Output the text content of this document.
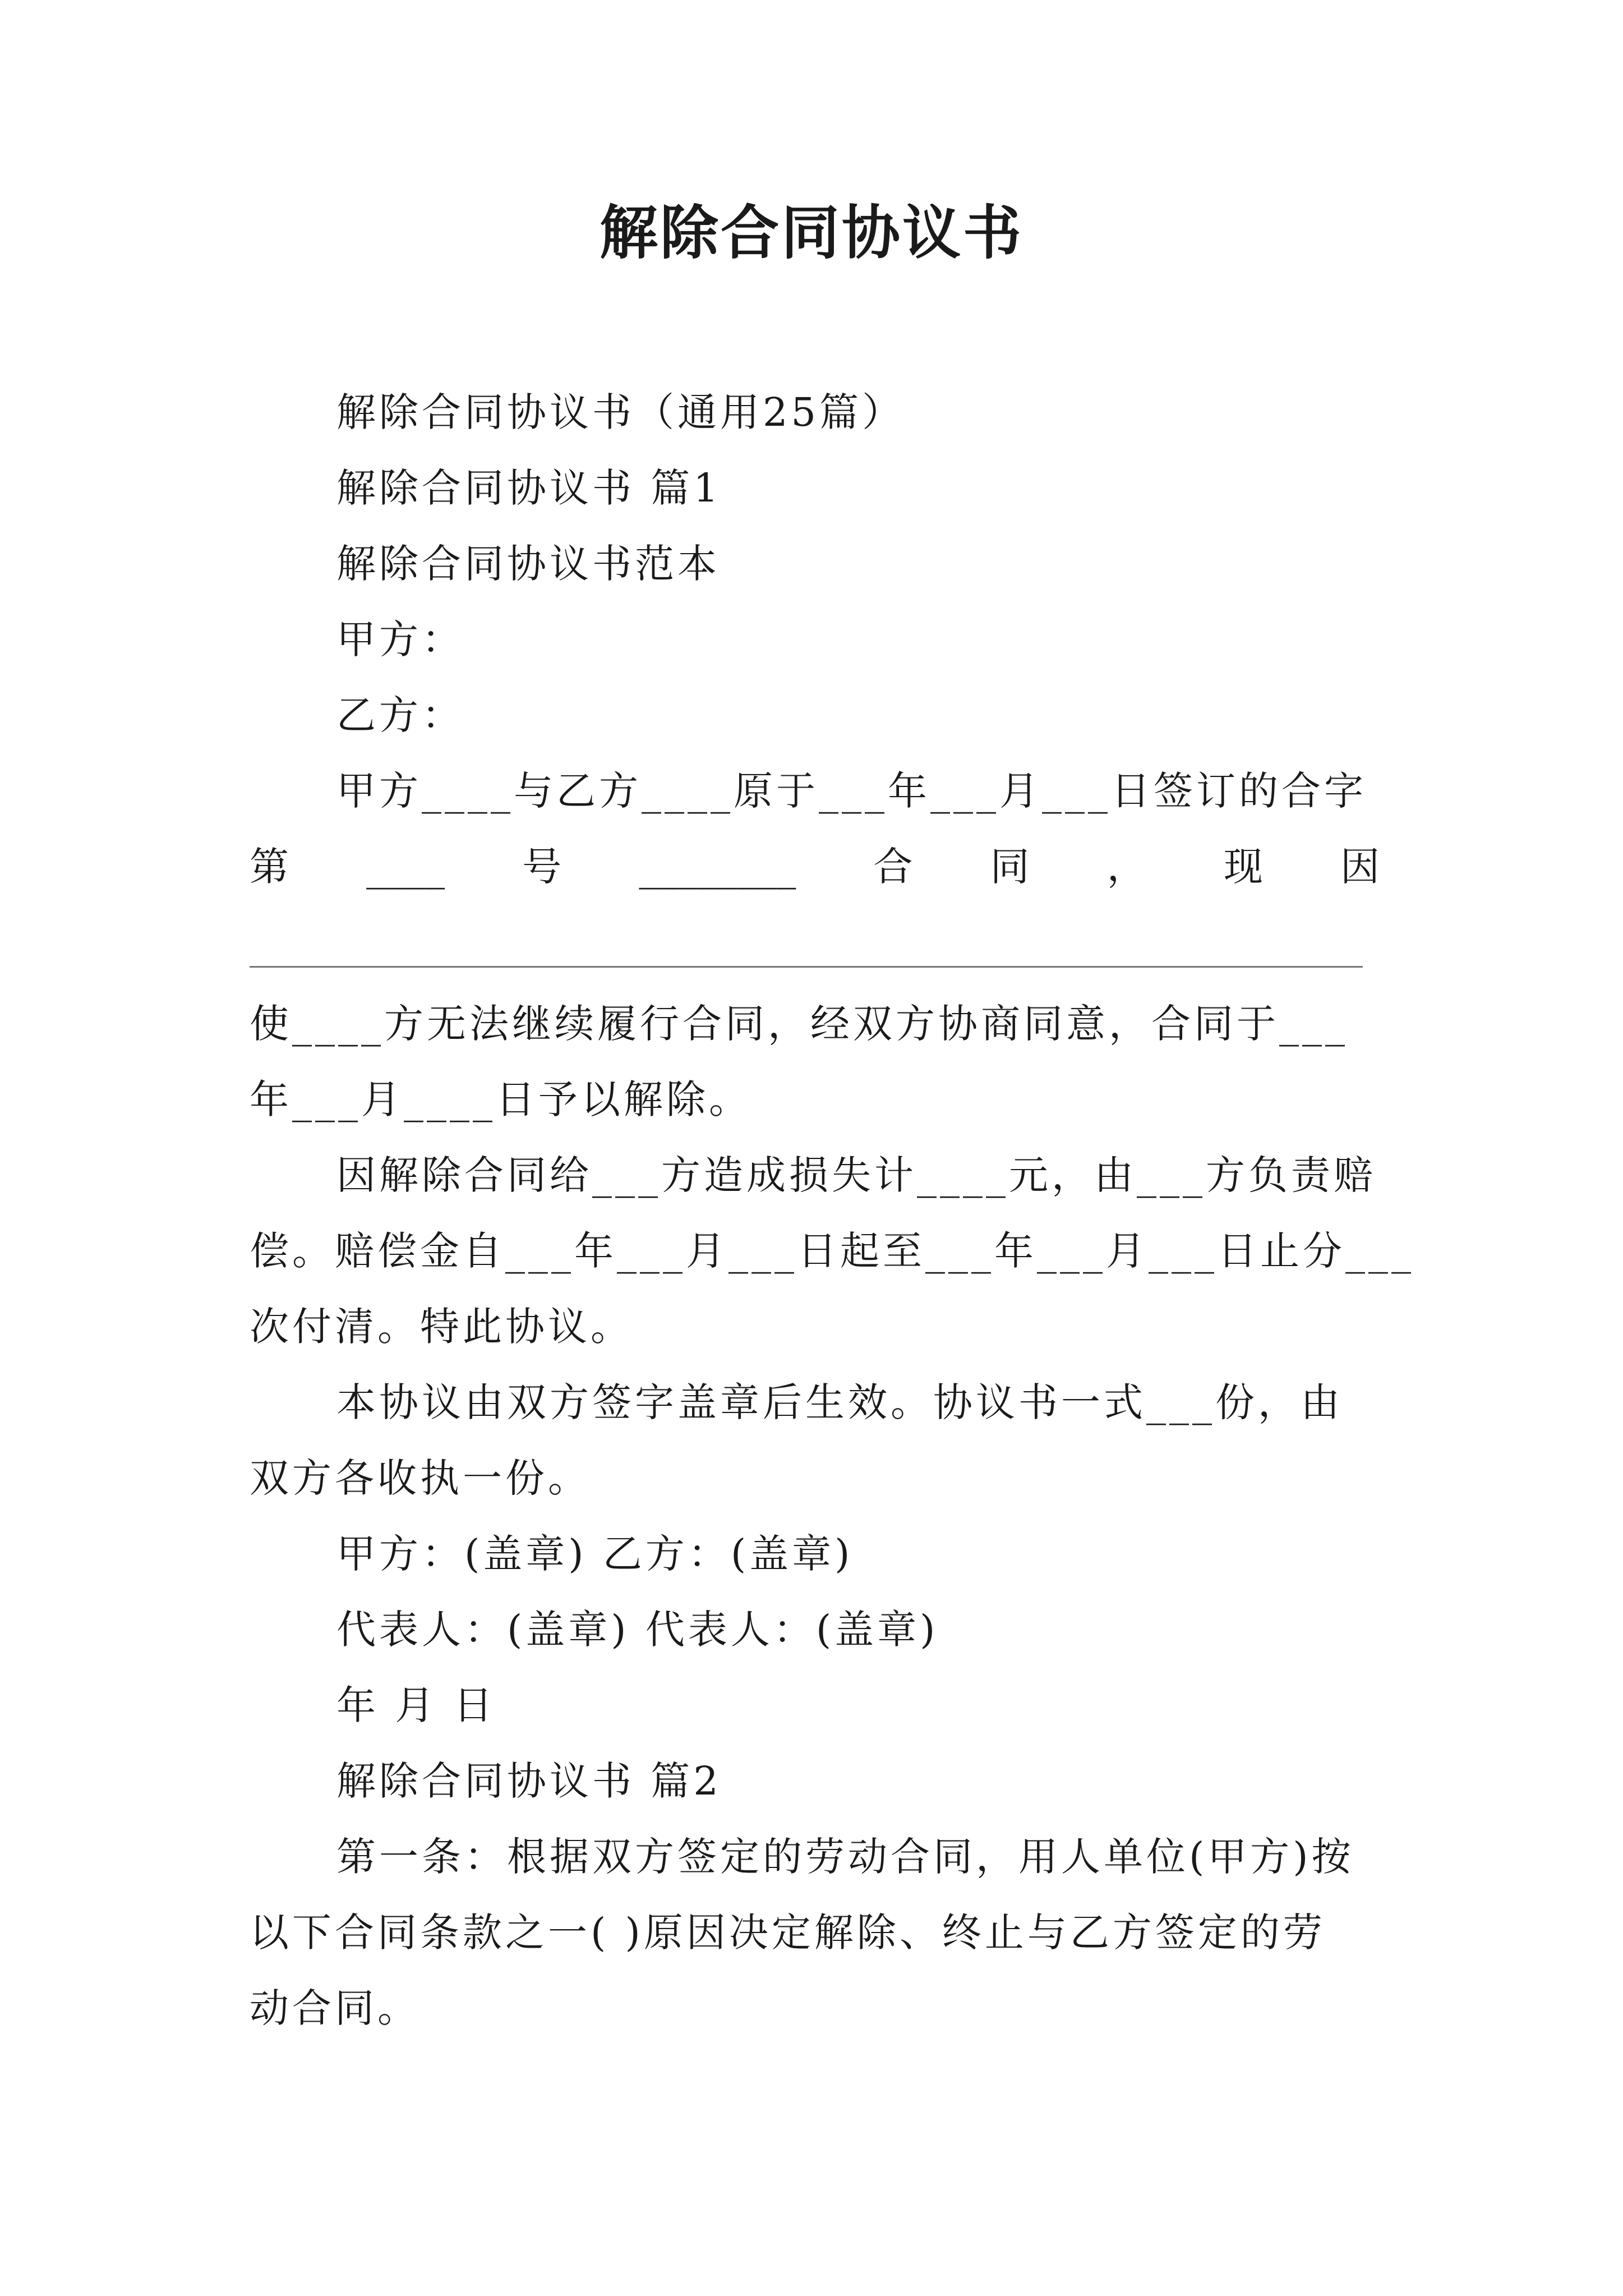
解除合同协议书
解除合同协议书（通用25篇）
解除合同协议书 篇1
解除合同协议书范本
甲方：
乙方：
甲方____与乙方____原于___年___月___日签订的合字
第 ____ 号 ________ 合 同 ， 现 因
使____方无法继续履行合同，经双方协商同意，合同于___
年___月____日予以解除。
因解除合同给___方造成损失计____元，由___方负责赔
偿。赔偿金自___年___月___日起至___年___月___日止分___
次付清。特此协议。
本协议由双方签字盖章后生效。协议书一式___份，由
双方各收执一份。
甲方：(盖章) 乙方：(盖章)
代表人：(盖章) 代表人：(盖章)
年 月 日
解除合同协议书 篇2
第一条：根据双方签定的劳动合同，用人单位(甲方)按
以下合同条款之一( )原因决定解除、终止与乙方签定的劳
动合同。
